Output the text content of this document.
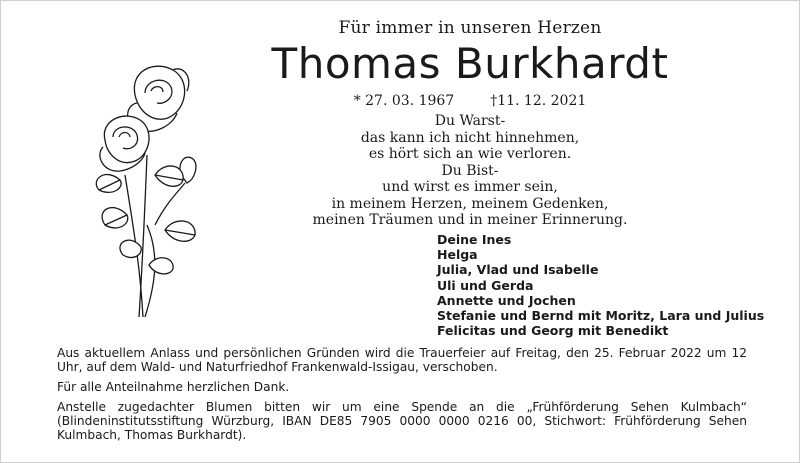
Für immer in unseren Herzen
Thomas Burkhardt
* 27. 03. 1967	†11. 12. 2021
Du Warst-
das kann ich nicht hinnehmen,
es hört sich an wie verloren.
Du Bist-
und wirst es immer sein,
in meinem Herzen, meinem Gedenken,
meinen Träumen und in meiner Erinnerung.
Deine Ines
Helga
Julia, Vlad und Isabelle
Uli und Gerda
Annette und Jochen
Stefanie und Bernd mit Moritz, Lara und Julius
Felicitas und Georg mit Benedikt

Aus aktuellem Anlass und persönlichen Gründen wird die Trauerfeier auf Freitag, den 25. Februar 2022 um 12 Uhr, auf dem Wald- und Naturfriedhof Frankenwald-Issigau, verschoben.

Für alle Anteilnahme herzlichen Dank.

Anstelle zugedachter Blumen bitten wir um eine Spende an die „Frühförderung Sehen Kulmbach“ (Blindeninstitutsstiftung Würzburg, IBAN DE85 7905 0000 0000 0216 00, Stichwort: Frühförderung Sehen Kulmbach, Thomas Burkhardt).
